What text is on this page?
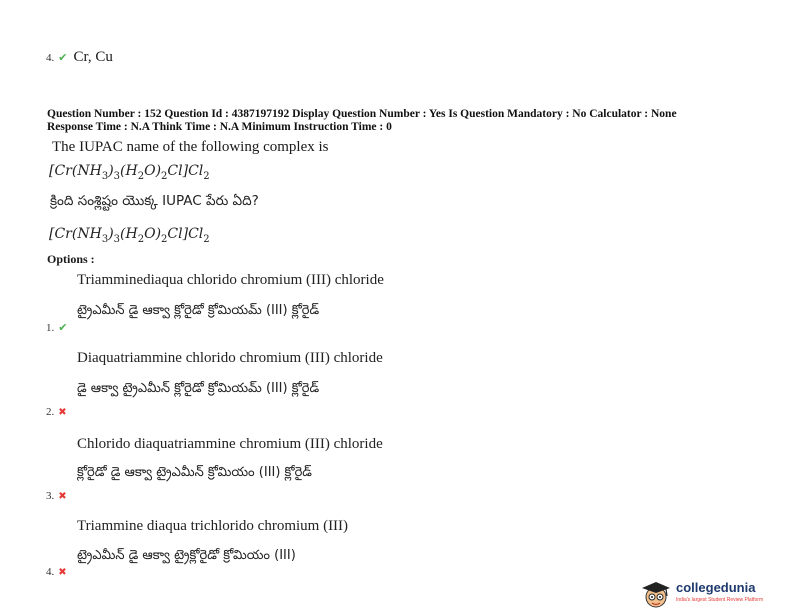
4. ✔ Cr, Cu
Question Number : 152 Question Id : 4387197192 Display Question Number : Yes Is Question Mandatory : No Calculator : None
Response Time : N.A Think Time : N.A Minimum Instruction Time : 0
The IUPAC name of the following complex is
$[Cr(NH_3)_3(H_2O)_2Cl]Cl_2$
క్రింది సంశ్లిష్టం యొక్క IUPAC పేరు ఏది?
$[Cr(NH_3)_3(H_2O)_2Cl]Cl_2$
Options :
Triamminediaqua chlorido chromium (III) chloride
ట్రైఎమీన్ డై ఆక్వా క్లోరైడో క్రోమియమ్ (III) క్లోరైడ్
1. ✔
Diaquatriammine chlorido chromium (III) chloride
డై ఆక్వా ట్రైఎమీన్ క్లోరైడో క్రోమియమ్ (III) క్లోరైడ్
2. ✖
Chlorido diaquatriammine chromium (III) chloride
క్లోరైడో డై ఆక్వా ట్రైఎమీన్ క్రోమియం (III) క్లోరైడ్
3. ✖
Triammine diaqua trichlorido chromium (III)
ట్రైఎమీన్ డై ఆక్వా ట్రైక్లోరైడో క్రోమియం (III)
4. ✖
collegedunia
India's largest Student Review Platform
